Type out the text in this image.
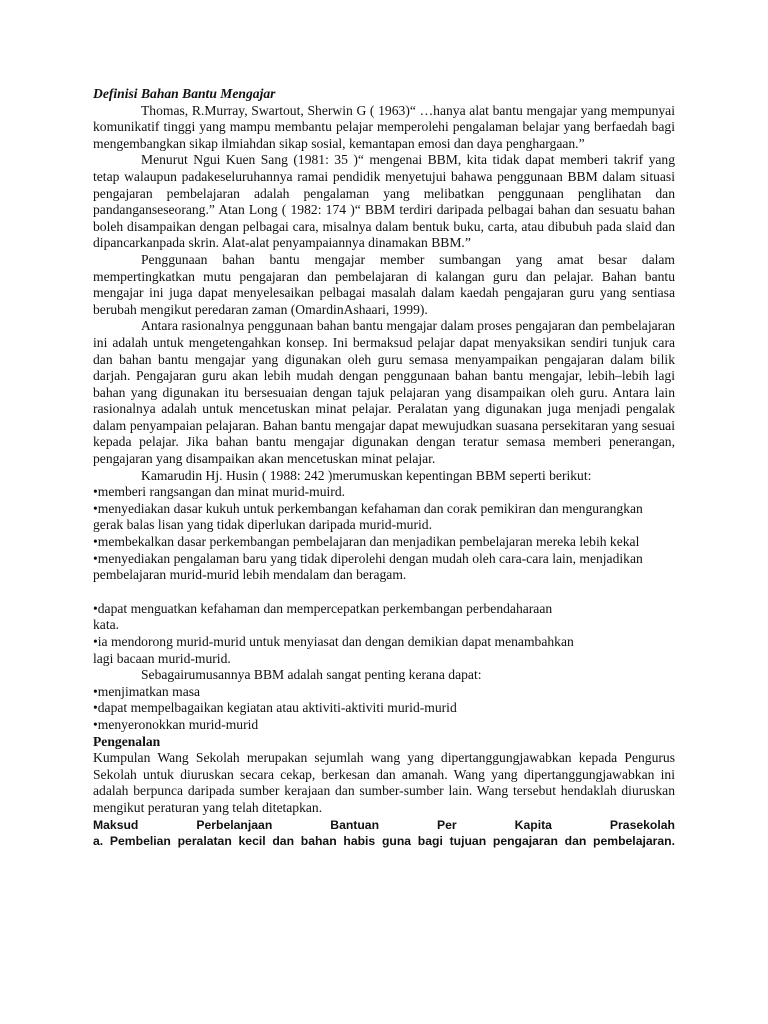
Definisi Bahan Bantu Mengajar

Thomas, R.Murray, Swartout, Sherwin G ( 1963)“ …hanya alat bantu mengajar yang mempunyai komunikatif tinggi yang mampu membantu pelajar memperolehi pengalaman belajar yang berfaedah bagi mengembangkan sikap ilmiahdan sikap sosial, kemantapan emosi dan daya penghargaan.”

Menurut Ngui Kuen Sang (1981: 35 )“ mengenai BBM, kita tidak dapat memberi takrif yang tetap walaupun padakeseluruhannya ramai pendidik menyetujui bahawa penggunaan BBM dalam situasi pengajaran pembelajaran adalah pengalaman yang melibatkan penggunaan penglihatan dan pandanganseseorang.” Atan Long ( 1982: 174 )“ BBM terdiri daripada pelbagai bahan dan sesuatu bahan boleh disampaikan dengan pelbagai cara, misalnya dalam bentuk buku, carta, atau dibubuh pada slaid dan dipancarkanpada skrin. Alat-alat penyampaiannya dinamakan BBM.”

Penggunaan bahan bantu mengajar member sumbangan yang amat besar dalam mempertingkatkan mutu pengajaran dan pembelajaran di kalangan guru dan pelajar. Bahan bantu mengajar ini juga dapat menyelesaikan pelbagai masalah dalam kaedah pengajaran guru yang sentiasa berubah mengikut peredaran zaman (OmardinAshaari, 1999).

Antara rasionalnya penggunaan bahan bantu mengajar dalam proses pengajaran dan pembelajaran ini adalah untuk mengetengahkan konsep. Ini bermaksud pelajar dapat menyaksikan sendiri tunjuk cara dan bahan bantu mengajar yang digunakan oleh guru semasa menyampaikan pengajaran dalam bilik darjah. Pengajaran guru akan lebih mudah dengan penggunaan bahan bantu mengajar, lebih–lebih lagi bahan yang digunakan itu bersesuaian dengan tajuk pelajaran yang disampaikan oleh guru. Antara lain rasionalnya adalah untuk mencetuskan minat pelajar. Peralatan yang digunakan juga menjadi pengalak dalam penyampaian pelajaran. Bahan bantu mengajar dapat mewujudkan suasana persekitaran yang sesuai kepada pelajar. Jika bahan bantu mengajar digunakan dengan teratur semasa memberi penerangan, pengajaran yang disampaikan akan mencetuskan minat pelajar.

Kamarudin Hj. Husin ( 1988: 242 )merumuskan kepentingan BBM seperti berikut:

•memberi rangsangan dan minat murid-muird.

•menyediakan dasar kukuh untuk perkembangan kefahaman dan corak pemikiran dan mengurangkan gerak balas lisan yang tidak diperlukan daripada murid-murid.

•membekalkan dasar perkembangan pembelajaran dan menjadikan pembelajaran mereka lebih kekal

•menyediakan pengalaman baru yang tidak diperolehi dengan mudah oleh cara-cara lain, menjadikan pembelajaran murid-murid lebih mendalam dan beragam.

•dapat menguatkan kefahaman dan mempercepatkan perkembangan perbendaharaan

kata.

•ia mendorong murid-murid untuk menyiasat dan dengan demikian dapat menambahkan

lagi bacaan murid-murid.

Sebagairumusannya BBM adalah sangat penting kerana dapat:

•menjimatkan masa

•dapat mempelbagaikan kegiatan atau aktiviti-aktiviti murid-murid

•menyeronokkan murid-murid

Pengenalan

Kumpulan Wang Sekolah merupakan sejumlah wang yang dipertanggungjawabkan kepada Pengurus Sekolah untuk diuruskan secara cekap, berkesan dan amanah. Wang yang dipertanggungjawabkan ini adalah berpunca daripada sumber kerajaan dan sumber-sumber lain. Wang tersebut hendaklah diuruskan mengikut peraturan yang telah ditetapkan.

Maksud	Perbelanjaan	Bantuan	Per	Kapita	Prasekolah

a. Pembelian peralatan kecil dan bahan habis guna bagi tujuan pengajaran dan pembelajaran.
